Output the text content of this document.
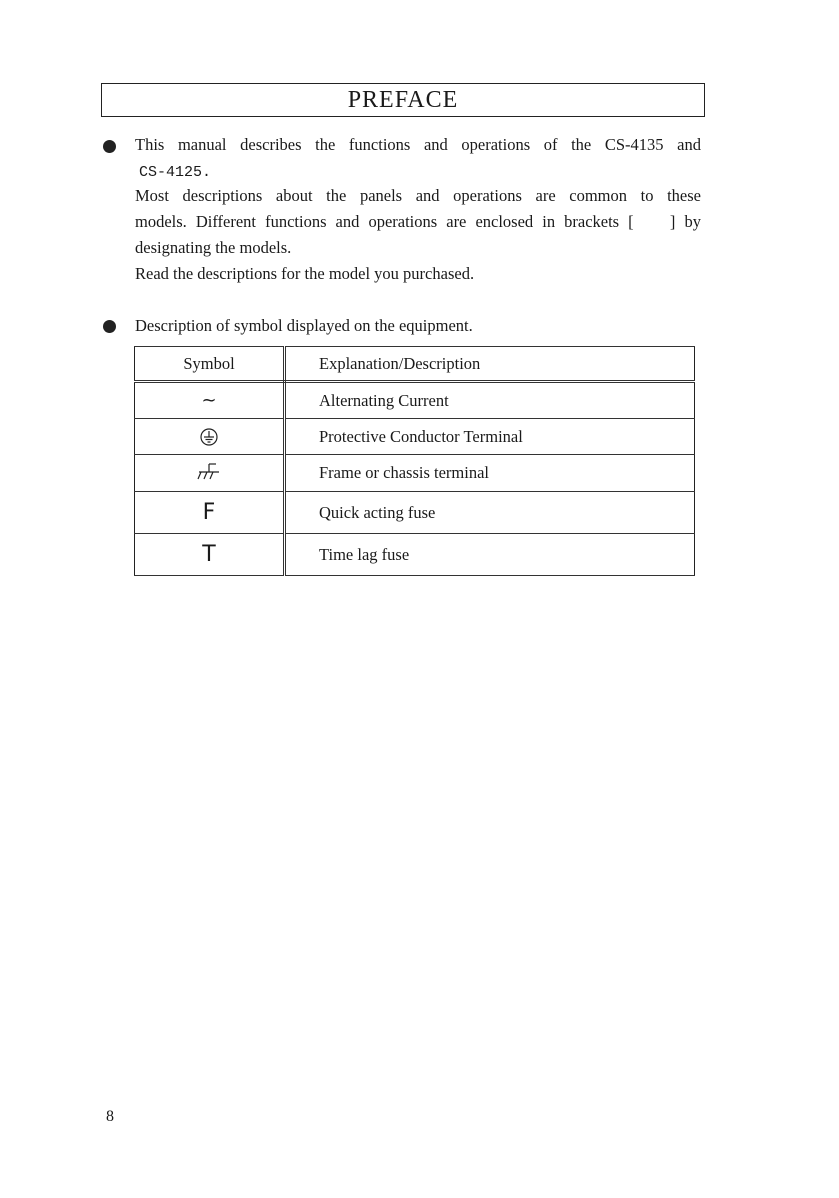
PREFACE
This manual describes the functions and operations of the CS-4135 and
CS-4125.
Most descriptions about the panels and operations are common to these
models. Different functions and operations are enclosed in brackets [    ] by
designating the models.
Read the descriptions for the model you purchased.
Description of symbol displayed on the equipment.
Symbol	Explanation/Description
~	Alternating Current
	Protective Conductor Terminal
	Frame or chassis terminal
F	Quick acting fuse
T	Time lag fuse
8
